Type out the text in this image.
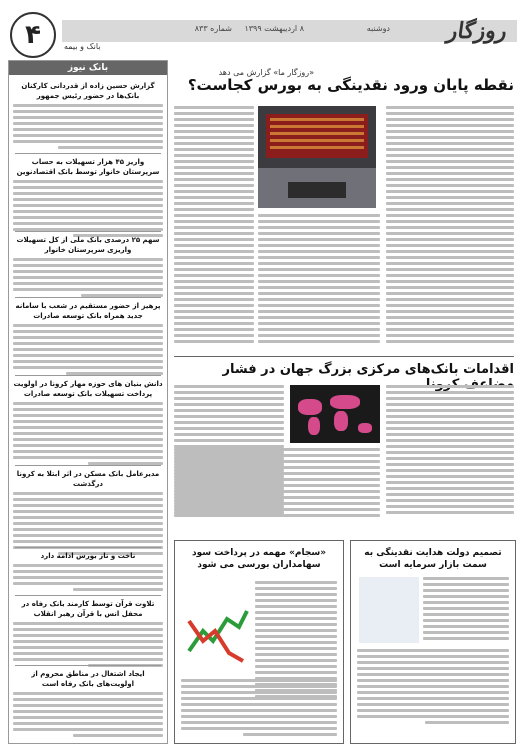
روزگار
دوشنبه
۸ اردیبهشت ۱۳۹۹
شماره ۸۳۳
۴	بانک و بیمه
بانک نیوز
گزارش حسین زاده از قدردانی کارکنان بانک‌ها در حضور رئیس جمهور
واریز ۴۵ هزار تسهیلات به حساب سرپرستان خانوار توسط بانک اقتصادنوین
سهم ۲۵ درصدی بانک ملی از کل تسهیلات واریزی سرپرستان خانوار
پرهیز از حضور مستقیم در شعب با سامانه جدید همراه بانک توسعه صادرات
دانش بنیان های حوزه مهار کرونا در اولویت پرداخت تسهیلات بانک توسعه صادرات
مدیرعامل بانک مسکن در اثر ابتلا به کرونا درگذشت
ناخت و تاز بورس ادامه دارد
تلاوت قرآن توسط کارمند بانک رفاه در محفل انس با قرآن رهبر انقلاب
ایجاد اشتغال در مناطق محروم از اولویت‌های بانک رفاه است
«روزگار ما» گزارش می دهد
نقطه پایان ورود نقدینگی به بورس کجاست؟
اقدامات بانک‌های مرکزی بزرگ جهان در فشار
«سجام» مهمه در پرداخت سود سهامداران بورسی می شود
تصمیم دولت هدایت نقدینگی به سمت بازار سرمایه است
